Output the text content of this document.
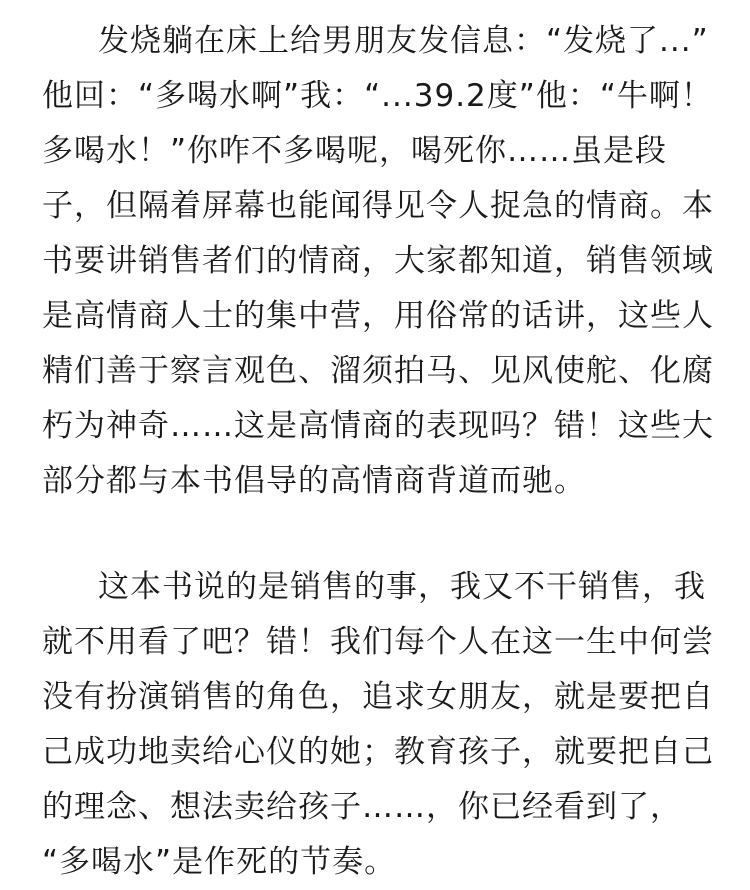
发烧躺在床上给男朋友发信息：“发烧了...”
他回：“多喝水啊”我：“...39.2度”他：“牛啊！
多喝水！”你咋不多喝呢，喝死你……虽是段
子，但隔着屏幕也能闻得见令人捉急的情商。本
书要讲销售者们的情商，大家都知道，销售领域
是高情商人士的集中营，用俗常的话讲，这些人
精们善于察言观色、溜须拍马、见风使舵、化腐
朽为神奇……这是高情商的表现吗？错！这些大
部分都与本书倡导的高情商背道而驰。
这本书说的是销售的事，我又不干销售，我
就不用看了吧？错！我们每个人在这一生中何尝
没有扮演销售的角色，追求女朋友，就是要把自
己成功地卖给心仪的她；教育孩子，就要把自己
的理念、想法卖给孩子……，你已经看到了，
“多喝水”是作死的节奏。
